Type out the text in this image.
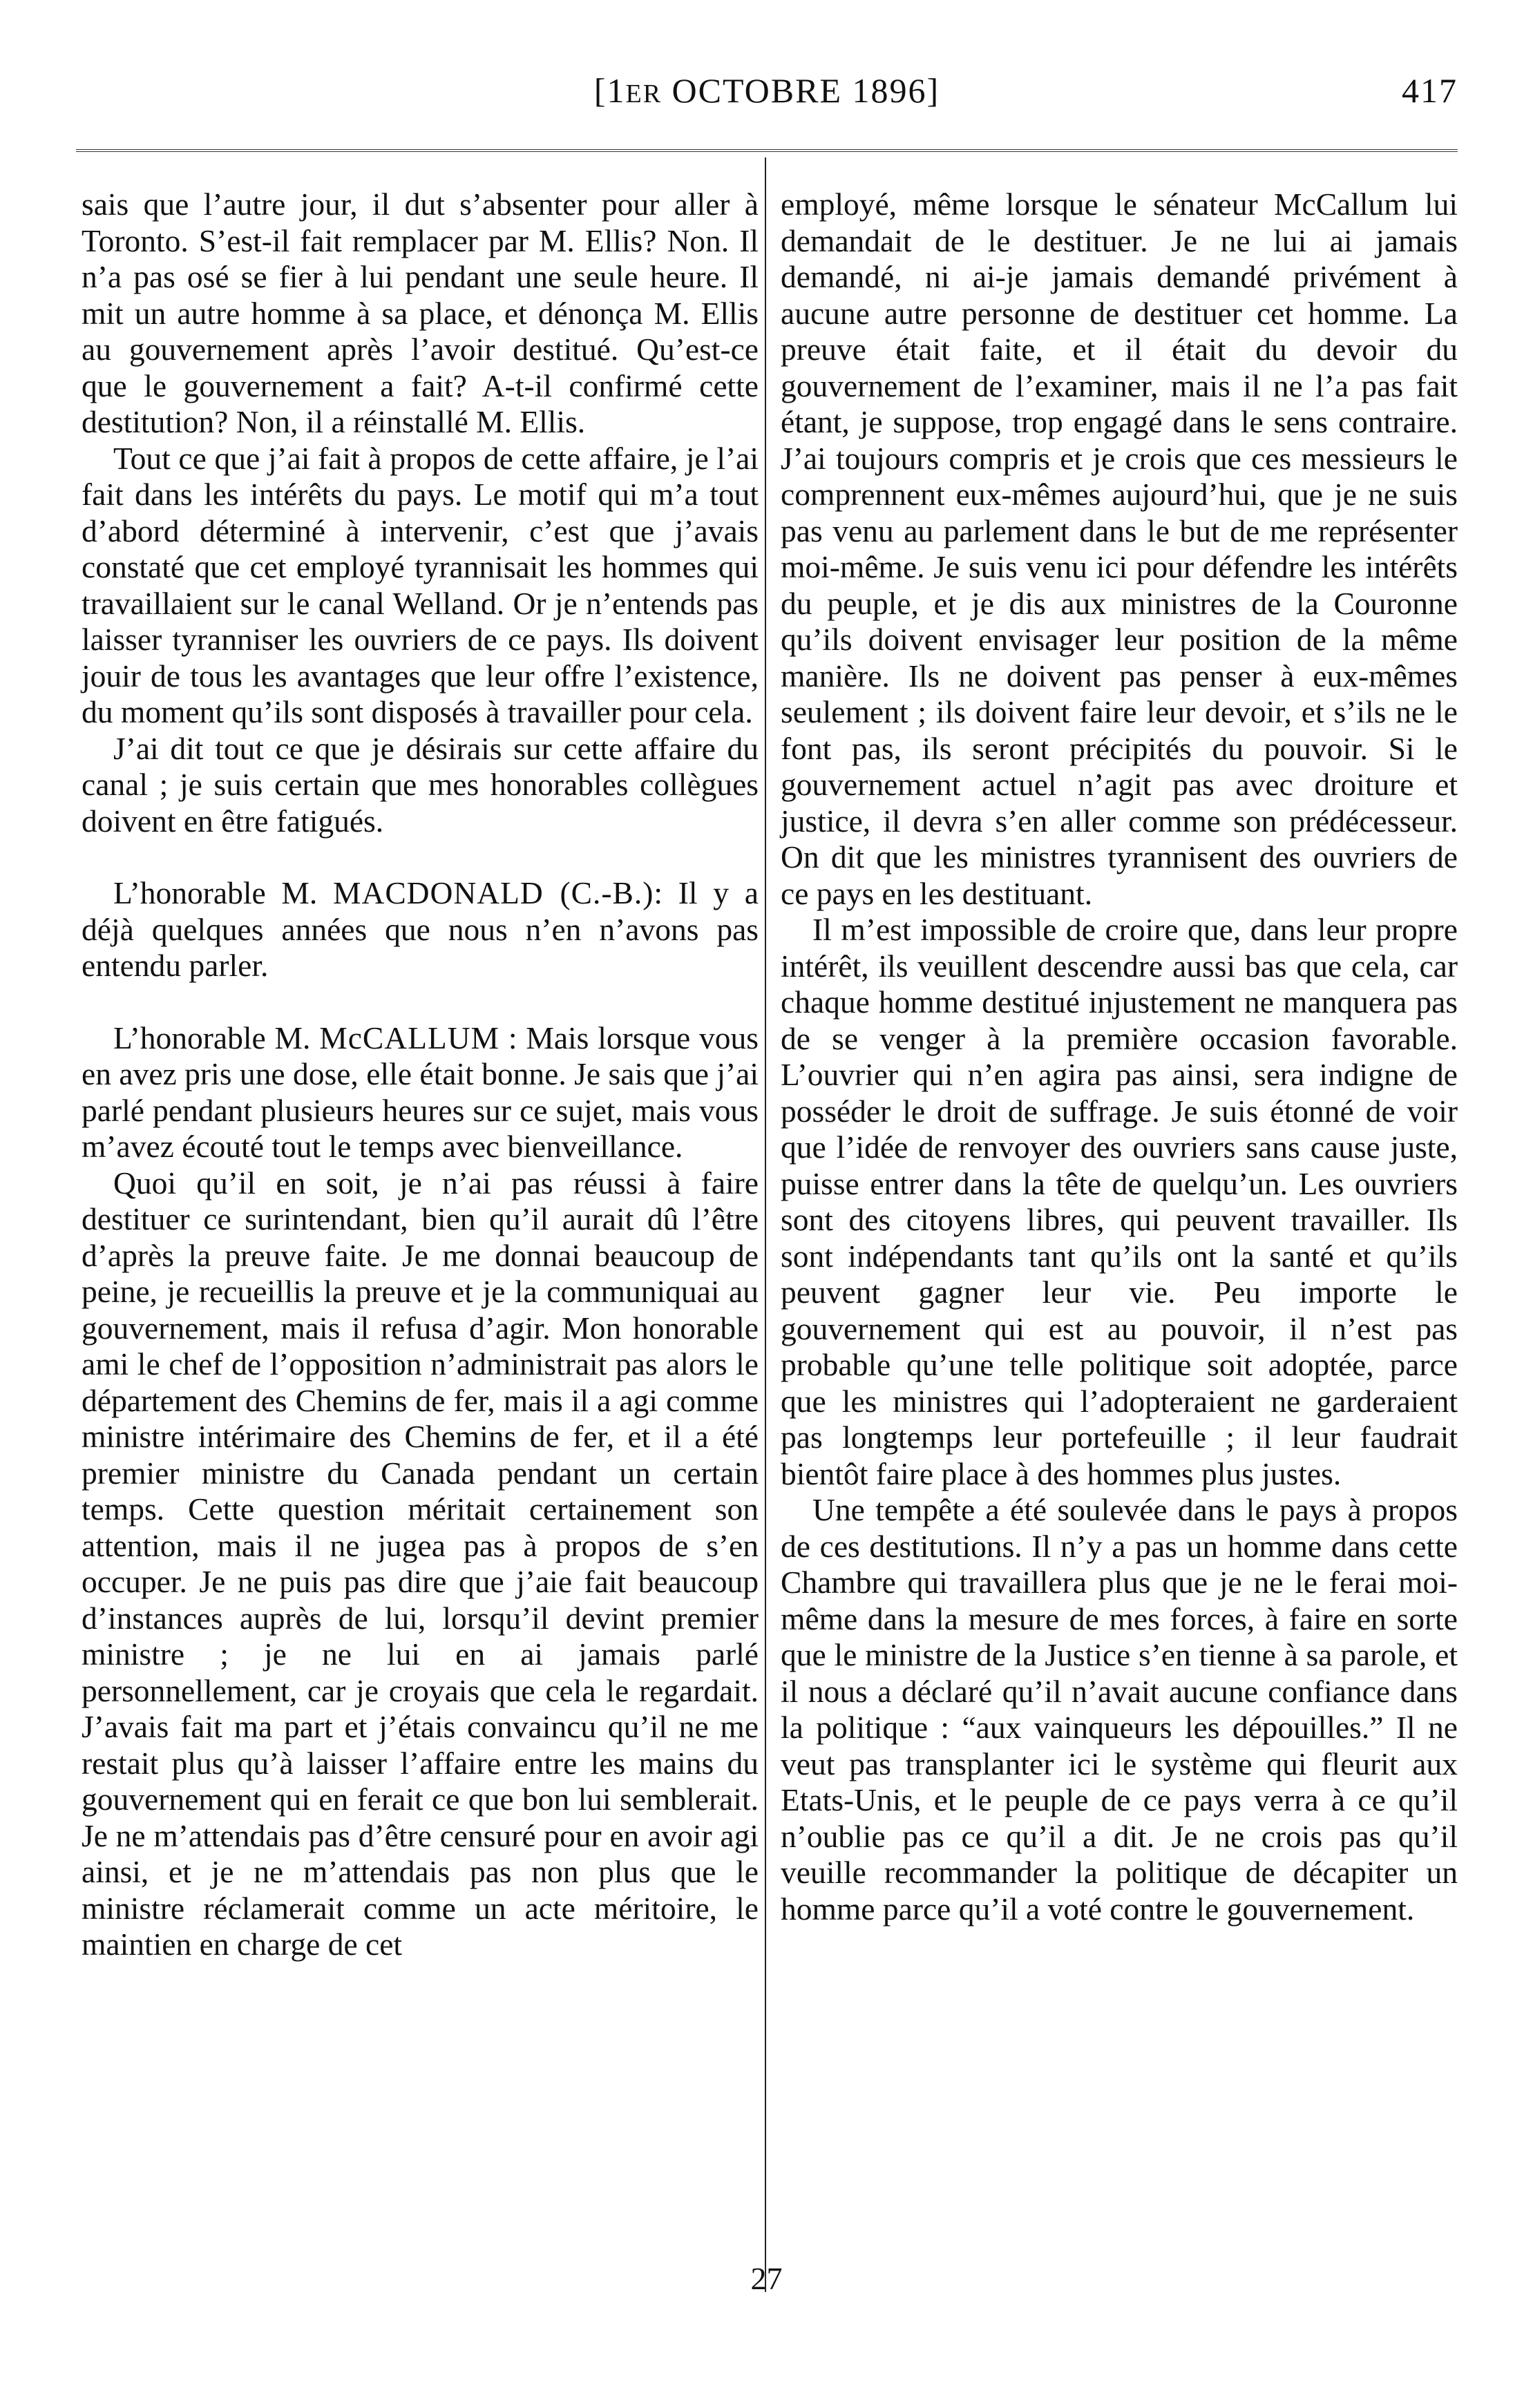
[1ER OCTOBRE 1896]	417

sais que l’autre jour, il dut s’absenter pour aller à Toronto. S’est-il fait remplacer par M. Ellis? Non. Il n’a pas osé se fier à lui pendant une seule heure. Il mit un autre homme à sa place, et dénonça M. Ellis au gouvernement après l’avoir destitué. Qu’est-ce que le gouvernement a fait? A-t-il confirmé cette destitution? Non, il a réinstallé M. Ellis.

Tout ce que j’ai fait à propos de cette affaire, je l’ai fait dans les intérêts du pays. Le motif qui m’a tout d’abord déterminé à intervenir, c’est que j’avais constaté que cet employé tyrannisait les hommes qui travaillaient sur le canal Welland. Or je n’entends pas laisser tyranniser les ouvriers de ce pays. Ils doivent jouir de tous les avantages que leur offre l’existence, du moment qu’ils sont disposés à travailler pour cela.

J’ai dit tout ce que je désirais sur cette affaire du canal ; je suis certain que mes honorables collègues doivent en être fatigués.

L’honorable M. MACDONALD (C.-B.): Il y a déjà quelques années que nous n’en n’avons pas entendu parler.

L’honorable M. McCALLUM : Mais lorsque vous en avez pris une dose, elle était bonne. Je sais que j’ai parlé pendant plusieurs heures sur ce sujet, mais vous m’avez écouté tout le temps avec bienveillance.

Quoi qu’il en soit, je n’ai pas réussi à faire destituer ce surintendant, bien qu’il aurait dû l’être d’après la preuve faite. Je me donnai beaucoup de peine, je recueillis la preuve et je la communiquai au gouvernement, mais il refusa d’agir. Mon honorable ami le chef de l’opposition n’administrait pas alors le département des Chemins de fer, mais il a agi comme ministre intérimaire des Chemins de fer, et il a été premier ministre du Canada pendant un certain temps. Cette question méritait certainement son attention, mais il ne jugea pas à propos de s’en occuper. Je ne puis pas dire que j’aie fait beaucoup d’instances auprès de lui, lorsqu’il devint premier ministre ; je ne lui en ai jamais parlé personnellement, car je croyais que cela le regardait. J’avais fait ma part et j’étais convaincu qu’il ne me restait plus qu’à laisser l’affaire entre les mains du gouvernement qui en ferait ce que bon lui semblerait. Je ne m’attendais pas d’être censuré pour en avoir agi ainsi, et je ne m’attendais pas non plus que le ministre réclamerait comme un acte méritoire, le maintien en charge de cet

employé, même lorsque le sénateur McCallum lui demandait de le destituer. Je ne lui ai jamais demandé, ni ai-je jamais demandé privément à aucune autre personne de destituer cet homme. La preuve était faite, et il était du devoir du gouvernement de l’examiner, mais il ne l’a pas fait étant, je suppose, trop engagé dans le sens contraire. J’ai toujours compris et je crois que ces messieurs le comprennent eux-mêmes aujourd’hui, que je ne suis pas venu au parlement dans le but de me représenter moi-même. Je suis venu ici pour défendre les intérêts du peuple, et je dis aux ministres de la Couronne qu’ils doivent envisager leur position de la même manière. Ils ne doivent pas penser à eux-mêmes seulement ; ils doivent faire leur devoir, et s’ils ne le font pas, ils seront précipités du pouvoir. Si le gouvernement actuel n’agit pas avec droiture et justice, il devra s’en aller comme son prédécesseur. On dit que les ministres tyrannisent des ouvriers de ce pays en les destituant.

Il m’est impossible de croire que, dans leur propre intérêt, ils veuillent descendre aussi bas que cela, car chaque homme destitué injustement ne manquera pas de se venger à la première occasion favorable. L’ouvrier qui n’en agira pas ainsi, sera indigne de posséder le droit de suffrage. Je suis étonné de voir que l’idée de renvoyer des ouvriers sans cause juste, puisse entrer dans la tête de quelqu’un. Les ouvriers sont des citoyens libres, qui peuvent travailler. Ils sont indépendants tant qu’ils ont la santé et qu’ils peuvent gagner leur vie. Peu importe le gouvernement qui est au pouvoir, il n’est pas probable qu’une telle politique soit adoptée, parce que les ministres qui l’adopteraient ne garderaient pas longtemps leur portefeuille ; il leur faudrait bientôt faire place à des hommes plus justes.

Une tempête a été soulevée dans le pays à propos de ces destitutions. Il n’y a pas un homme dans cette Chambre qui travaillera plus que je ne le ferai moi-même dans la mesure de mes forces, à faire en sorte que le ministre de la Justice s’en tienne à sa parole, et il nous a déclaré qu’il n’avait aucune confiance dans la politique : “aux vainqueurs les dépouilles.” Il ne veut pas transplanter ici le système qui fleurit aux Etats-Unis, et le peuple de ce pays verra à ce qu’il n’oublie pas ce qu’il a dit. Je ne crois pas qu’il veuille recommander la politique de décapiter un homme parce qu’il a voté contre le gouvernement.

27
